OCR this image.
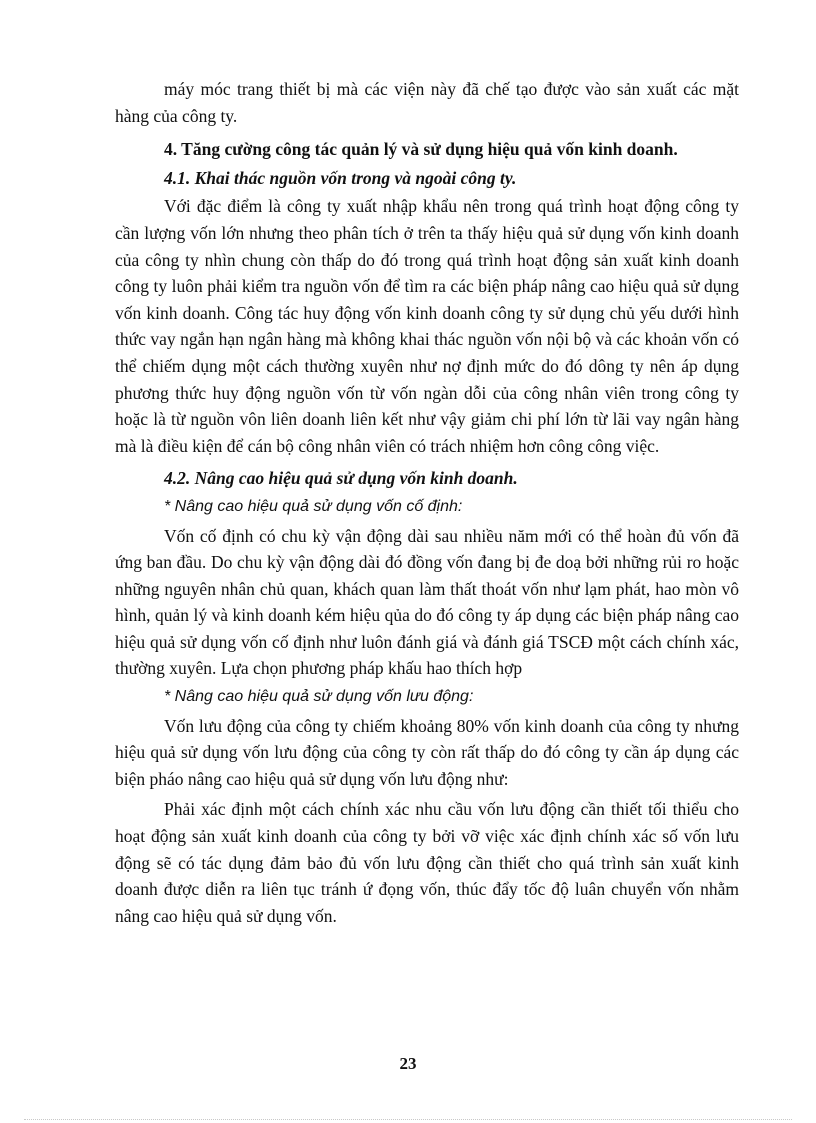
máy móc trang thiết bị mà các viện này đã chế tạo được vào sản xuất các mặt hàng của công ty.

4. Tăng cường công tác quản lý và sử dụng hiệu quả vốn kinh doanh.

4.1. Khai thác nguồn vốn trong và ngoài công ty.

Với đặc điểm là công ty xuất nhập khẩu nên trong quá trình hoạt động công ty cần lượng vốn lớn nhưng theo phân tích ở trên ta thấy hiệu quả sử dụng vốn kinh doanh của công ty nhìn chung còn thấp do đó trong quá trình hoạt động sản xuất kinh doanh công ty luôn phải kiểm tra nguồn vốn để tìm ra các biện pháp nâng cao hiệu quả sử dụng vốn kinh doanh. Công tác huy động vốn kinh doanh công ty sử dụng chủ yếu dưới hình thức vay ngắn hạn ngân hàng mà không khai thác nguồn vốn nội bộ và các khoản vốn có thể chiếm dụng một cách thường xuyên như nợ định mức do đó dông ty nên áp dụng phương thức huy động nguồn vốn từ vốn ngàn dỗi của công nhân viên trong công ty hoặc là từ nguồn vôn liên doanh liên kết như vậy giảm chi phí lớn từ lãi vay ngân hàng mà là điều kiện để cán bộ công nhân viên có trách nhiệm hơn công công việc.

4.2. Nâng cao hiệu quả sử dụng vốn kinh doanh.

* Nâng cao hiệu quả sử dụng vốn cố định:

Vốn cố định có chu kỳ vận động dài sau nhiều năm mới có thể hoàn đủ vốn đã ứng ban đầu. Do chu kỳ vận động dài đó đồng vốn đang bị đe doạ bởi những rủi ro hoặc những nguyên nhân chủ quan, khách quan làm thất thoát vốn như lạm phát, hao mòn vô hình, quản lý và kinh doanh kém hiệu qủa do đó công ty áp dụng các biện pháp nâng cao hiệu quả sử dụng vốn cố định như luôn đánh giá và đánh giá TSCĐ một cách chính xác, thường xuyên. Lựa chọn phương pháp khấu hao thích hợp

* Nâng cao hiệu quả sử dụng vốn lưu động:

Vốn lưu động của công ty chiếm khoảng 80% vốn kinh doanh của công ty nhưng hiệu quả sử dụng vốn lưu động của công ty còn rất thấp do đó công ty cần áp dụng các biện pháo nâng cao hiệu quả sử dụng vốn lưu động như:

Phải xác định một cách chính xác nhu cầu vốn lưu động cần thiết tối thiểu cho hoạt động sản xuất kinh doanh của công ty bởi vỡ việc xác định chính xác số vốn lưu động sẽ có tác dụng đảm bảo đủ vốn lưu động cần thiết cho quá trình sản xuất kinh doanh được diễn ra liên tục tránh ứ đọng vốn, thúc đẩy tốc độ luân chuyển vốn nhằm nâng cao hiệu quả sử dụng vốn.

23
